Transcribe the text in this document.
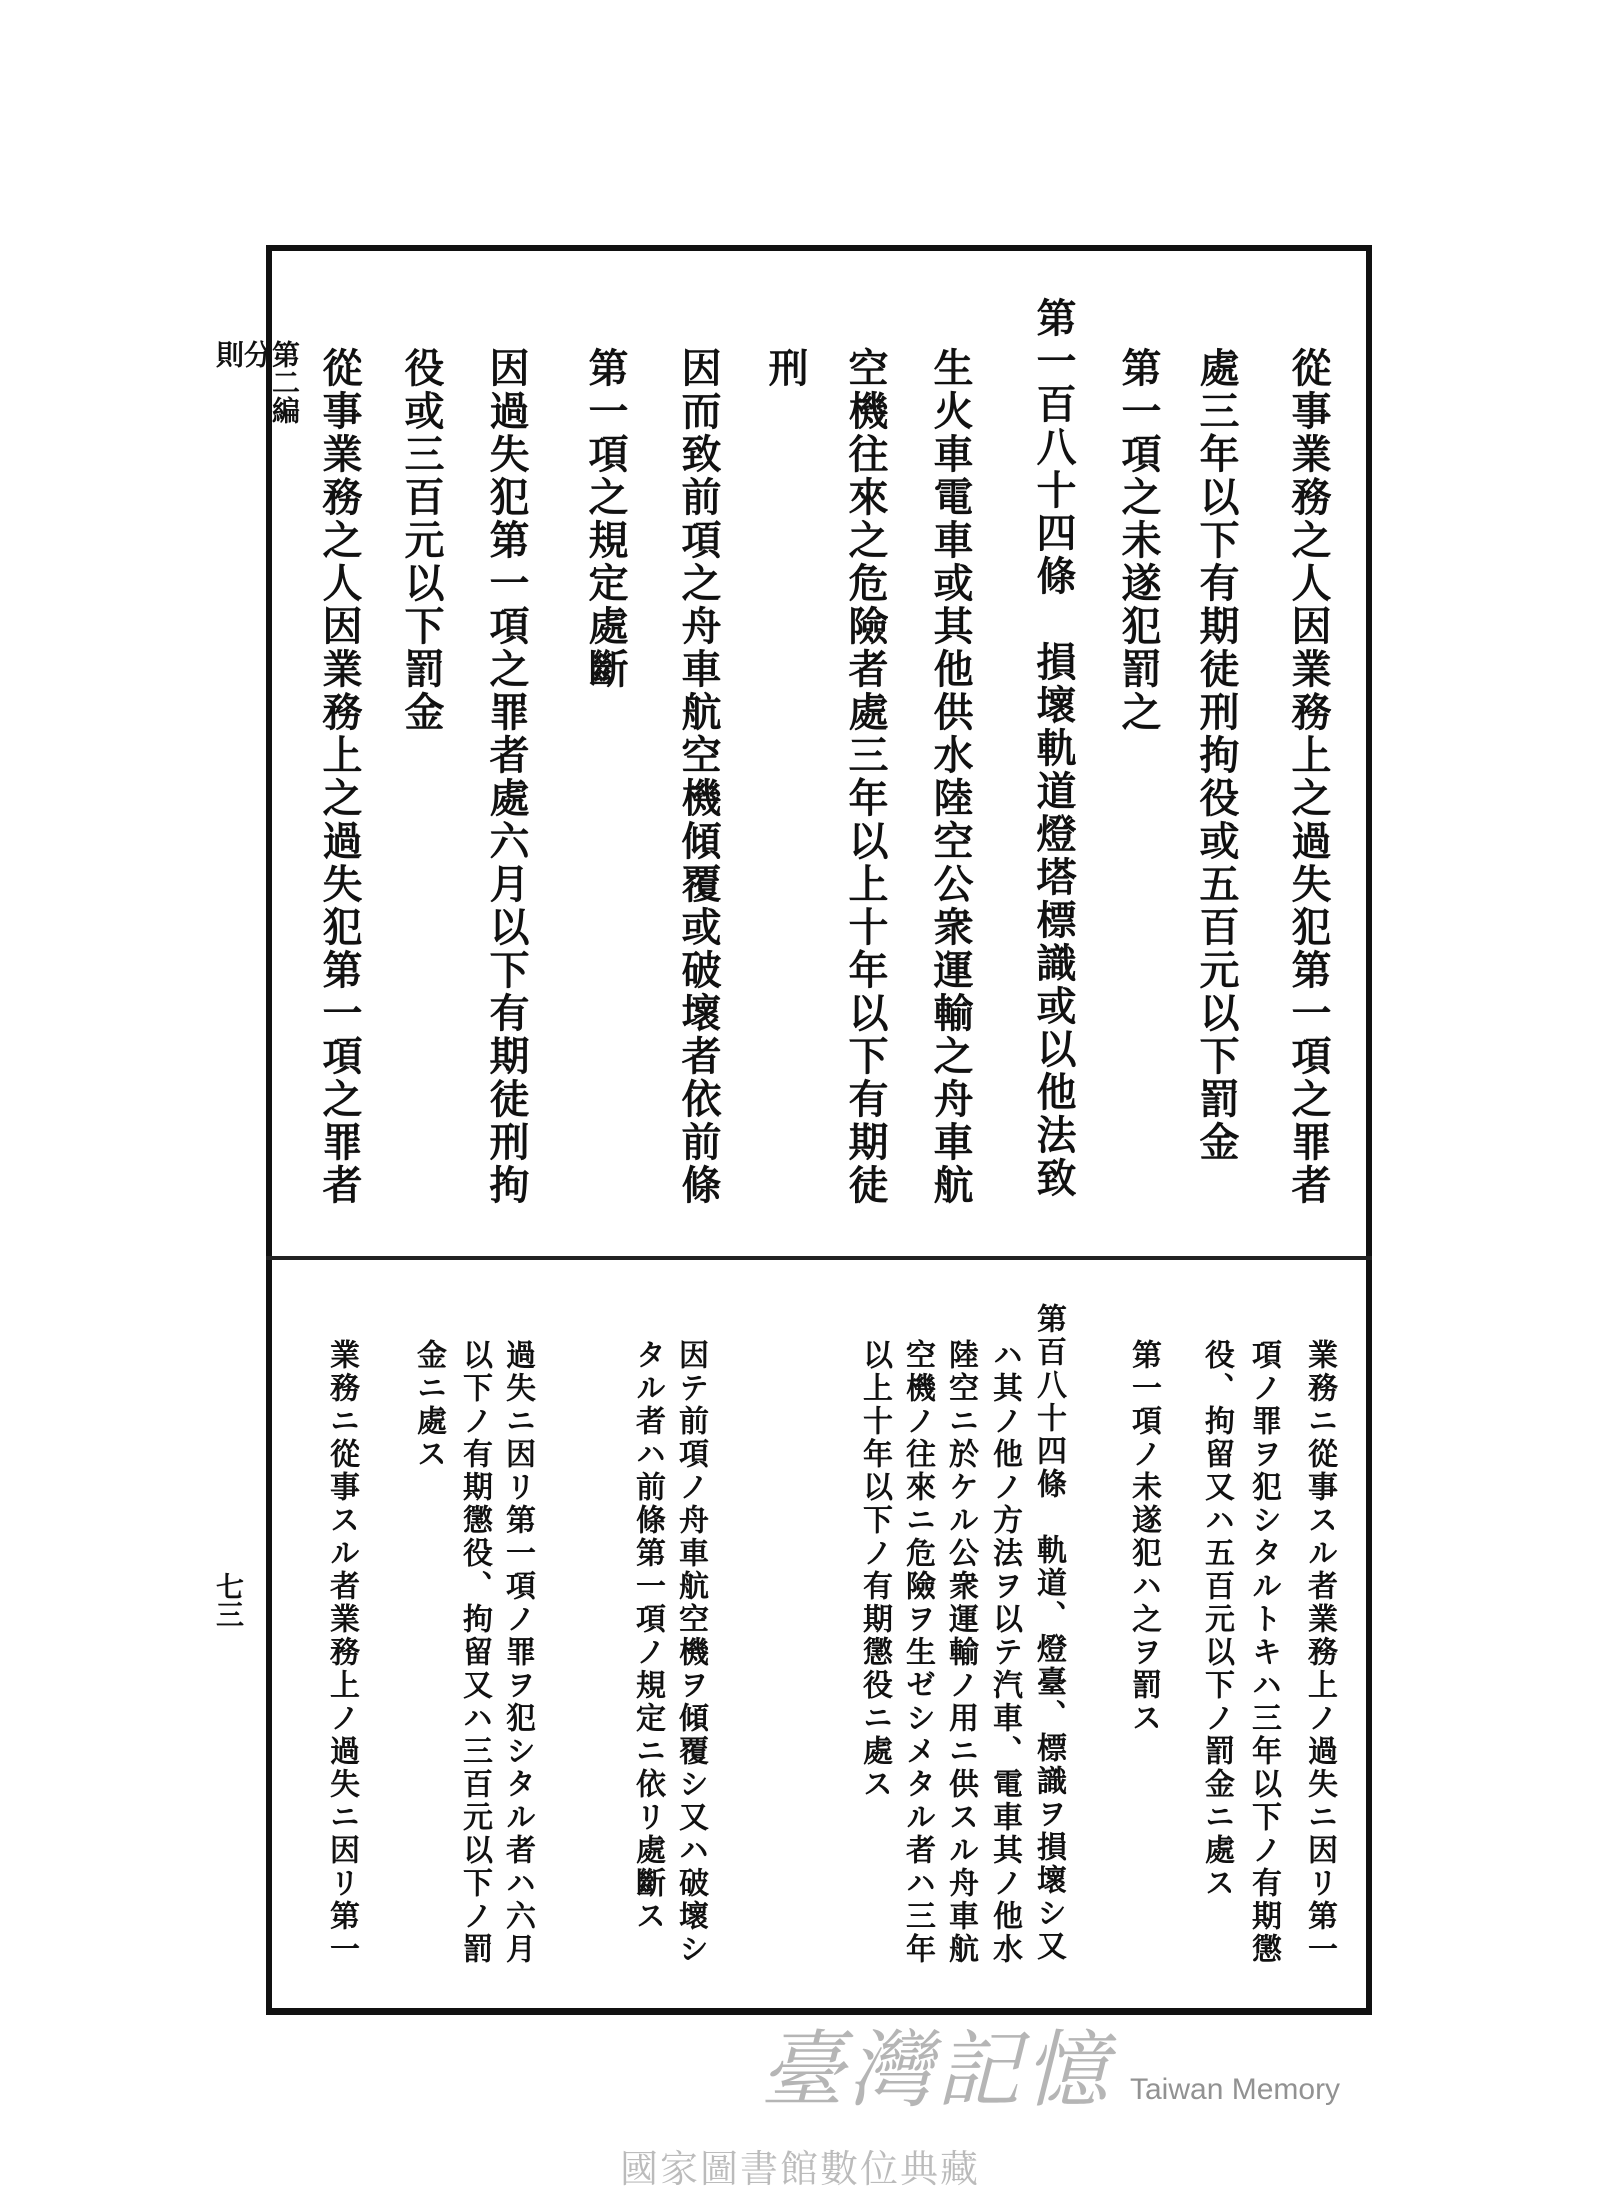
第二編
分
則
七三
從事業務之人因業務上之過失犯第一項之罪者
處三年以下有期徒刑拘役或五百元以下罰金
第一項之未遂犯罰之
第一百八十四條　損壞軌道燈塔標識或以他法致
生火車電車或其他供水陸空公衆運輸之舟車航
空機往來之危險者處三年以上十年以下有期徒
刑
因而致前項之舟車航空機傾覆或破壞者依前條
第一項之規定處斷
因過失犯第一項之罪者處六月以下有期徒刑拘
役或三百元以下罰金
從事業務之人因業務上之過失犯第一項之罪者
業務ニ從事スル者業務上ノ過失ニ因リ第一
項ノ罪ヲ犯シタルトキハ三年以下ノ有期懲
役、拘留又ハ五百元以下ノ罰金ニ處ス
第一項ノ未遂犯ハ之ヲ罰ス
第百八十四條　軌道、燈臺、標識ヲ損壞シ又
ハ其ノ他ノ方法ヲ以テ汽車、電車其ノ他水
陸空ニ於ケル公衆運輸ノ用ニ供スル舟車航
空機ノ往來ニ危險ヲ生ゼシメタル者ハ三年
以上十年以下ノ有期懲役ニ處ス
因テ前項ノ舟車航空機ヲ傾覆シ又ハ破壞シ
タル者ハ前條第一項ノ規定ニ依リ處斷ス
過失ニ因リ第一項ノ罪ヲ犯シタル者ハ六月
以下ノ有期懲役、拘留又ハ三百元以下ノ罰
金ニ處ス
業務ニ從事スル者業務上ノ過失ニ因リ第一
臺灣記憶 Taiwan Memory
國家圖書館數位典藏
